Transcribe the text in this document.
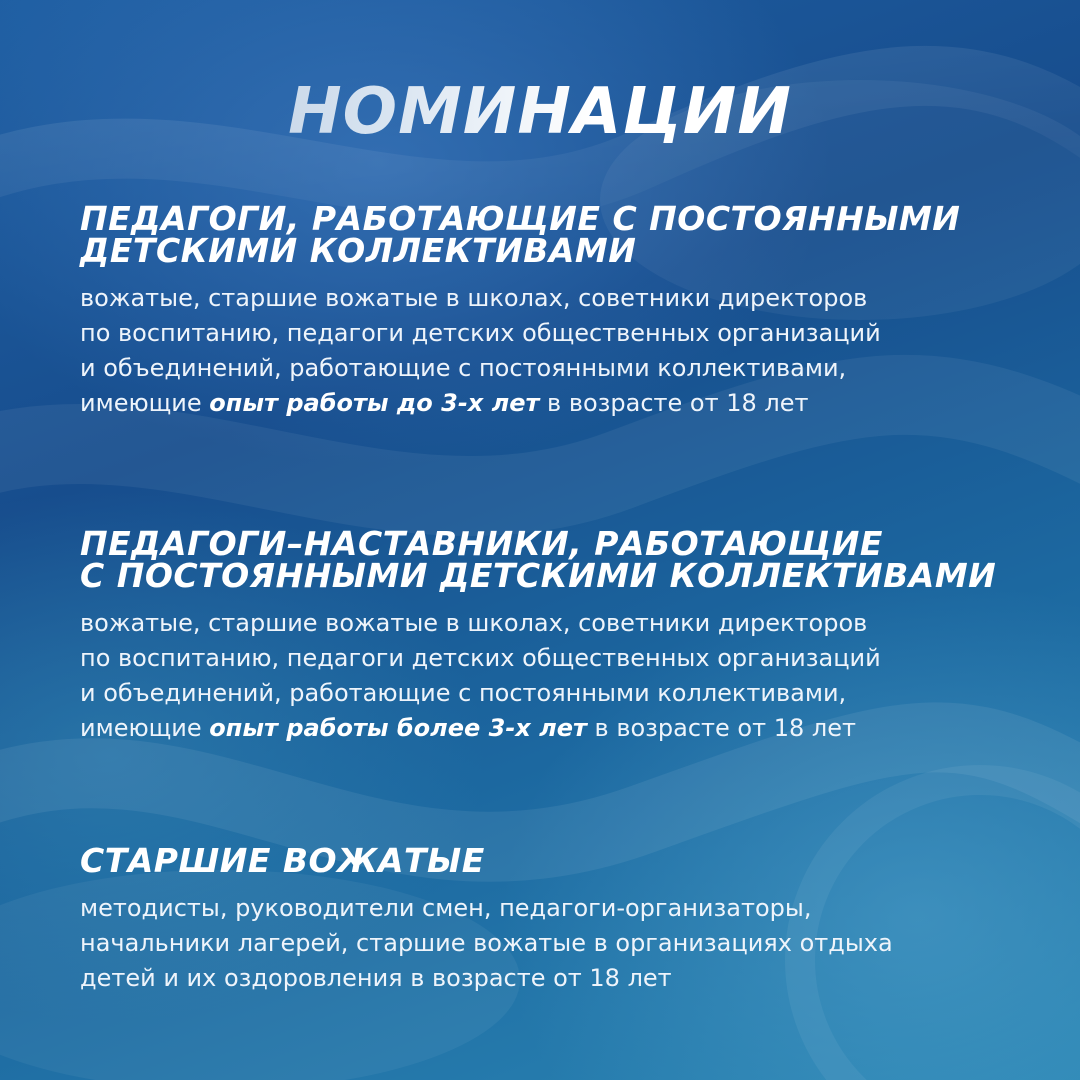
НОМИНАЦИИ
ПЕДАГОГИ, РАБОТАЮЩИЕ С ПОСТОЯННЫМИ
ДЕТСКИМИ КОЛЛЕКТИВАМИ

вожатые, старшие вожатые в школах, советники директоров
по воспитанию, педагоги детских общественных организаций
и объединений, работающие с постоянными коллективами,
имеющие опыт работы до 3-х лет в возрасте от 18 лет

ПЕДАГОГИ–НАСТАВНИКИ, РАБОТАЮЩИЕ
С ПОСТОЯННЫМИ ДЕТСКИМИ КОЛЛЕКТИВАМИ

вожатые, старшие вожатые в школах, советники директоров
по воспитанию, педагоги детских общественных организаций
и объединений, работающие с постоянными коллективами,
имеющие опыт работы более 3-х лет в возрасте от 18 лет

СТАРШИЕ ВОЖАТЫЕ

методисты, руководители смен, педагоги-организаторы,
начальники лагерей, старшие вожатые в организациях отдыха
детей и их оздоровления в возрасте от 18 лет
